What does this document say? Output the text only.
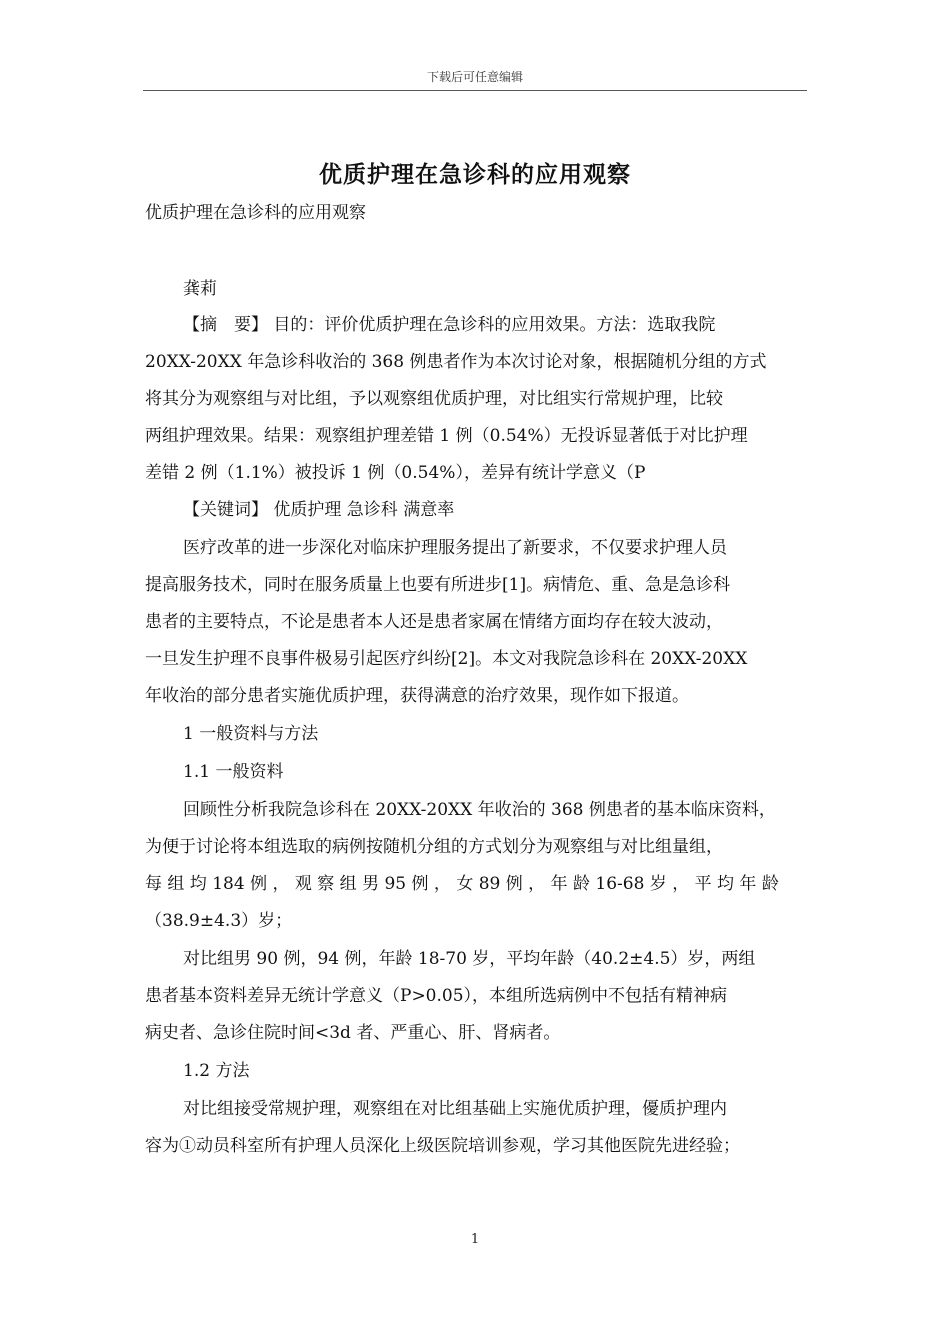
下载后可任意编辑
优质护理在急诊科的应用观察
优质护理在急诊科的应用观察
龚莉
【摘　要】 目的：评价优质护理在急诊科的应用效果。方法：选取我院
20XX-20XX 年急诊科收治的 368 例患者作为本次讨论对象，根据随机分组的方式
将其分为观察组与对比组，予以观察组优质护理，对比组实行常规护理，比较
两组护理效果。结果：观察组护理差错 1 例（0.54%）无投诉显著低于对比护理
差错 2 例（1.1%）被投诉 1 例（0.54%），差异有统计学意义（P
【关键词】 优质护理 急诊科 满意率
医疗改革的进一步深化对临床护理服务提出了新要求，不仅要求护理人员
提高服务技术，同时在服务质量上也要有所进步[1]。病情危、重、急是急诊科
患者的主要特点，不论是患者本人还是患者家属在情绪方面均存在较大波动，
一旦发生护理不良事件极易引起医疗纠纷[2]。本文对我院急诊科在 20XX-20XX
年收治的部分患者实施优质护理，获得满意的治疗效果，现作如下报道。
1 一般资料与方法
1.1 一般资料
回顾性分析我院急诊科在 20XX-20XX 年收治的 368 例患者的基本临床资料，
为便于讨论将本组选取的病例按随机分组的方式划分为观察组与对比组量组，
每 组 均 184 例 ， 观 察 组 男 95 例 ， 女 89 例 ， 年 龄 16-68 岁 ， 平 均 年 龄
（38.9±4.3）岁；
对比组男 90 例，94 例，年龄 18-70 岁，平均年龄（40.2±4.5）岁，两组
患者基本资料差异无统计学意义（P>0.05），本组所选病例中不包括有精神病
病史者、急诊住院时间<3d 者、严重心、肝、肾病者。
1.2 方法
对比组接受常规护理，观察组在对比组基础上实施优质护理，優质护理内
容为①动员科室所有护理人员深化上级医院培训参观，学习其他医院先进经验；
1
